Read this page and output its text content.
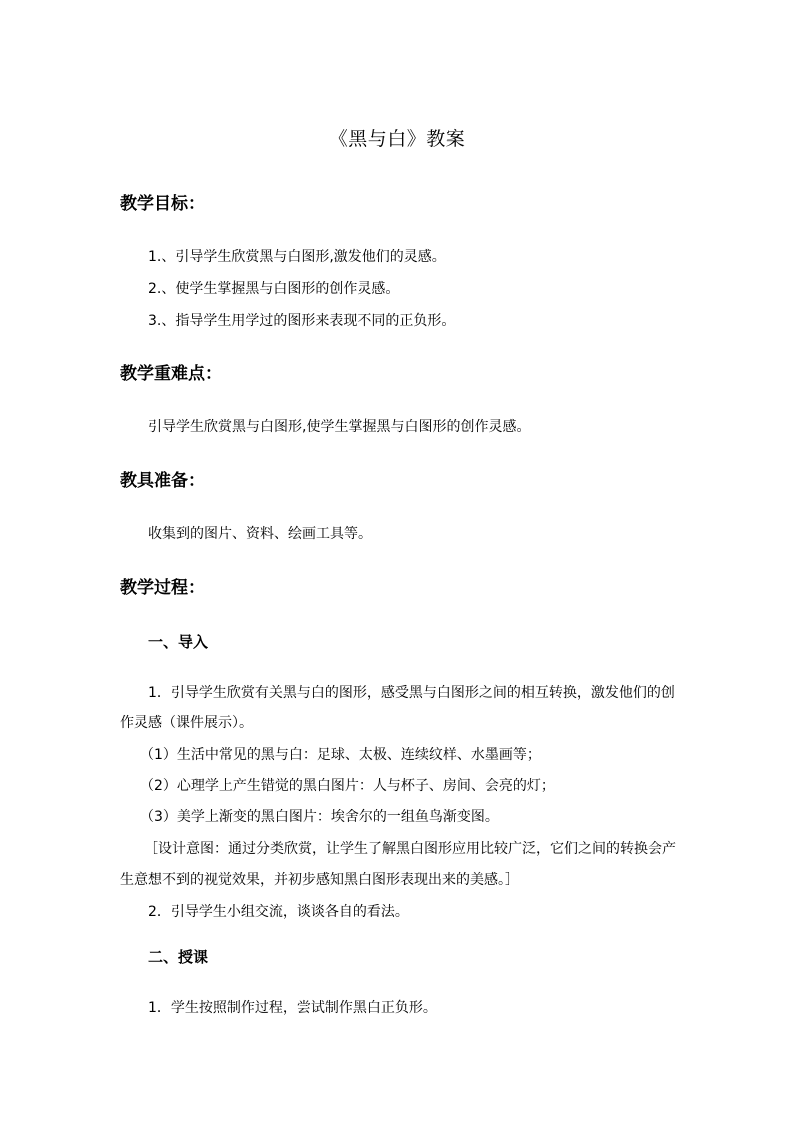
《黑与白》教案
教学目标：
1.、引导学生欣赏黑与白图形,激发他们的灵感。
2.、使学生掌握黑与白图形的创作灵感。
3.、指导学生用学过的图形来表现不同的正负形。
教学重难点：
引导学生欣赏黑与白图形,使学生掌握黑与白图形的创作灵感。
教具准备：
收集到的图片、资料、绘画工具等。
教学过程：
一、导入
1．引导学生欣赏有关黑与白的图形，感受黑与白图形之间的相互转换，激发他们的创
作灵感（课件展示）。
（1）生活中常见的黑与白：足球、太极、连续纹样、水墨画等；
（2）心理学上产生错觉的黑白图片：人与杯子、房间、会亮的灯；
（3）美学上渐变的黑白图片：埃舍尔的一组鱼鸟渐变图。
［设计意图：通过分类欣赏，让学生了解黑白图形应用比较广泛，它们之间的转换会产
生意想不到的视觉效果，并初步感知黑白图形表现出来的美感。］
2．引导学生小组交流，谈谈各自的看法。
二、授课
1．学生按照制作过程，尝试制作黑白正负形。
